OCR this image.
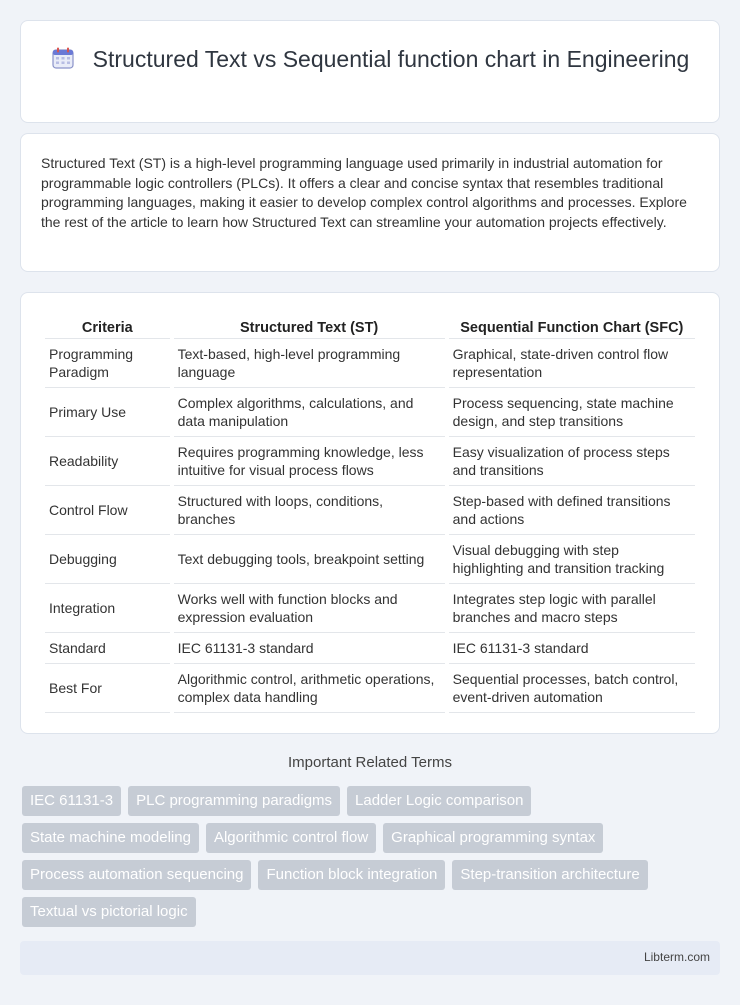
Structured Text vs Sequential function chart in Engineering

Structured Text (ST) is a high-level programming language used primarily in industrial automation for programmable logic controllers (PLCs). It offers a clear and concise syntax that resembles traditional programming languages, making it easier to develop complex control algorithms and processes. Explore the rest of the article to learn how Structured Text can streamline your automation projects effectively.

Criteria	Structured Text (ST)	Sequential Function Chart (SFC)
Programming Paradigm	Text-based, high-level programming language	Graphical, state-driven control flow representation
Primary Use	Complex algorithms, calculations, and data manipulation	Process sequencing, state machine design, and step transitions
Readability	Requires programming knowledge, less intuitive for visual process flows	Easy visualization of process steps and transitions
Control Flow	Structured with loops, conditions, branches	Step-based with defined transitions and actions
Debugging	Text debugging tools, breakpoint setting	Visual debugging with step highlighting and transition tracking
Integration	Works well with function blocks and expression evaluation	Integrates step logic with parallel branches and macro steps
Standard	IEC 61131-3 standard	IEC 61131-3 standard
Best For	Algorithmic control, arithmetic operations, complex data handling	Sequential processes, batch control, event-driven automation
Important Related Terms
IEC 61131-3	PLC programming paradigms	Ladder Logic comparison
State machine modeling	Algorithmic control flow	Graphical programming syntax
Process automation sequencing	Function block integration	Step-transition architecture
Textual vs pictorial logic
Libterm.com
